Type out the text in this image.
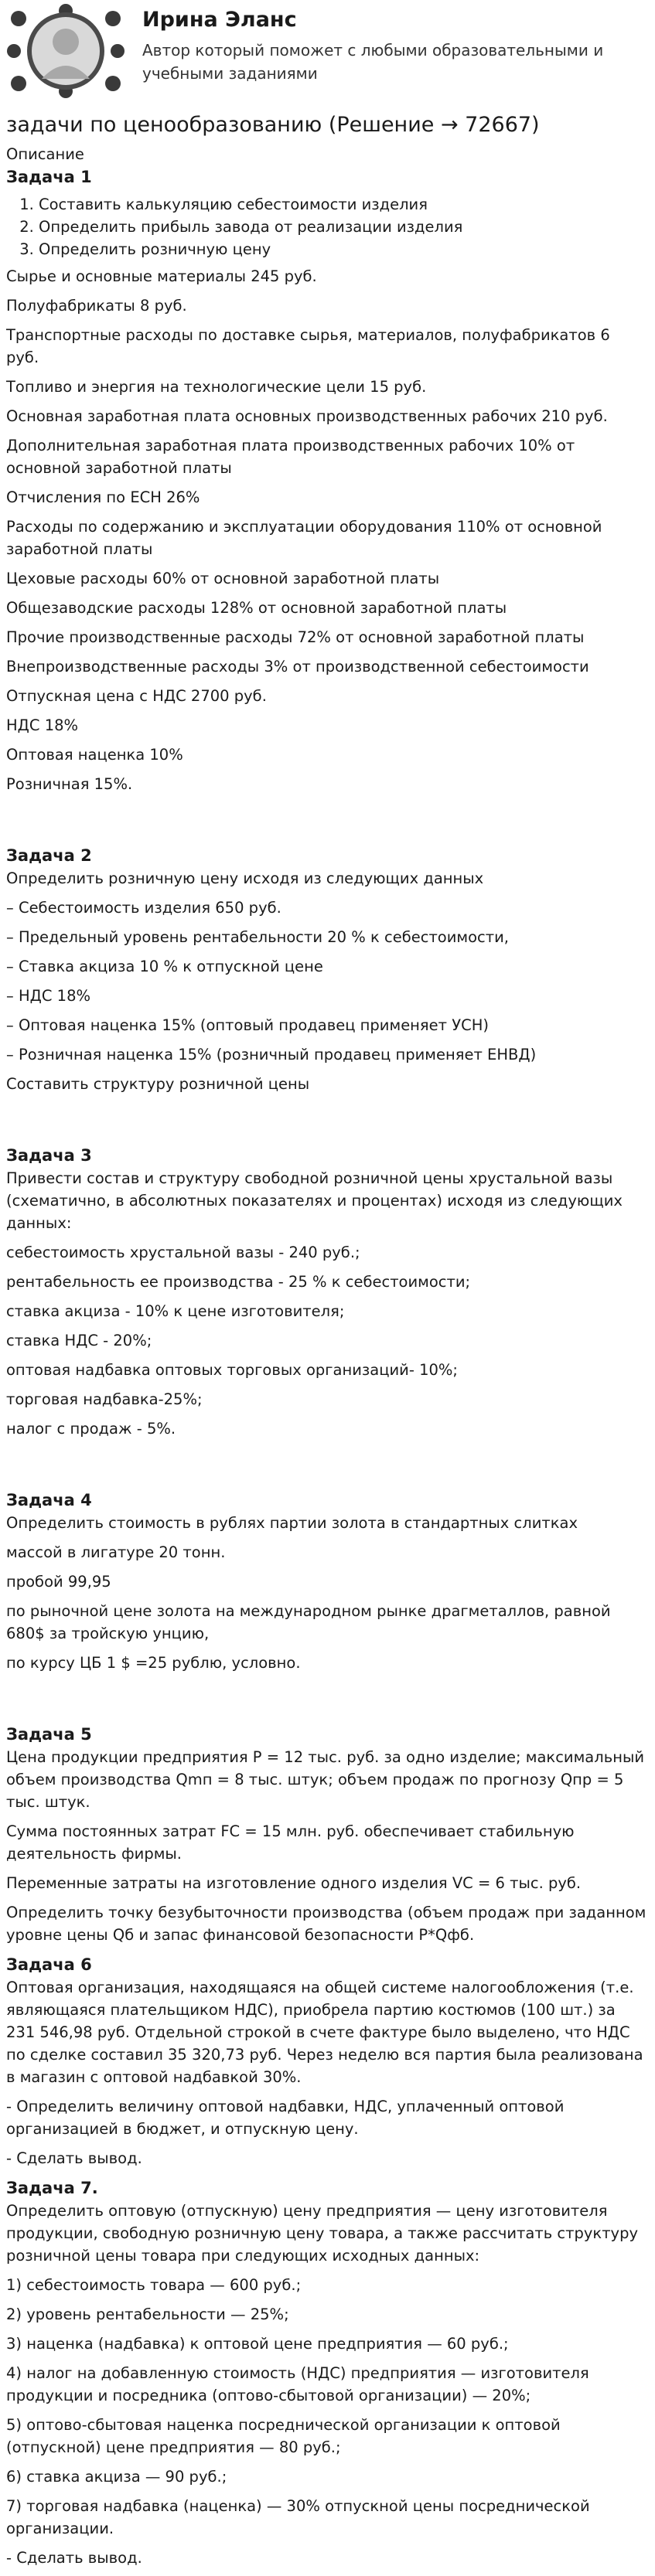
Ирина Эланс
Автор который поможет с любыми образовательными и учебными заданиями
задачи по ценообразованию (Решение → 72667)
Описание
Задача 1
1. Составить калькуляцию себестоимости изделия
2. Определить прибыль завода от реализации изделия
3. Определить розничную цену

Сырье и основные материалы 245 руб.

Полуфабрикаты 8 руб.

Транспортные расходы по доставке сырья, материалов, полуфабрикатов 6 руб.

Топливо и энергия на технологические цели 15 руб.

Основная заработная плата основных производственных рабочих 210 руб.

Дополнительная заработная плата производственных рабочих 10% от основной заработной платы

Отчисления по ЕСН 26%

Расходы по содержанию и эксплуатации оборудования 110% от основной заработной платы

Цеховые расходы 60% от основной заработной платы

Общезаводские расходы 128% от основной заработной платы

Прочие производственные расходы 72% от основной заработной платы

Внепроизводственные расходы 3% от производственной себестоимости

Отпускная цена с НДС 2700 руб.

НДС 18%

Оптовая наценка 10%

Розничная 15%.

Задача 2

Определить розничную цену исходя из следующих данных

– Себестоимость изделия 650 руб.

– Предельный уровень рентабельности 20 % к себестоимости,

– Ставка акциза 10 % к отпускной цене

– НДС 18%

– Оптовая наценка 15% (оптовый продавец применяет УСН)

– Розничная наценка 15% (розничный продавец применяет ЕНВД)

Составить структуру розничной цены

Задача 3

Привести состав и структуру свободной розничной цены хрустальной вазы (схематично, в абсолютных показателях и процентах) исходя из следующих данных:

себестоимость хрустальной вазы - 240 руб.;

рентабельность ее производства - 25 % к себестоимости;

ставка акциза - 10% к цене изготовителя;

ставка НДС - 20%;

оптовая надбавка оптовых торговых организаций- 10%;

торговая надбавка-25%;

налог с продаж - 5%.

Задача 4

Определить стоимость в рублях партии золота в стандартных слитках

массой в лигатуре 20 тонн.

пробой 99,95

по рыночной цене золота на международном рынке драгметаллов, равной 680$ за тройскую унцию,

по курсу ЦБ 1 $ =25 рублю, условно.

Задача 5

Цена продукции предприятия Р = 12 тыс. руб. за одно изделие; максимальный объем производства Qmп = 8 тыс. штук; объем продаж по прогнозу Qпр = 5 тыс. штук.

Сумма постоянных затрат FC = 15 млн. руб. обеспечивает стабильную деятельность фирмы.

Переменные затраты на изготовление одного изделия VC = 6 тыс. руб.

Определить точку безубыточности производства (объем продаж при заданном уровне цены Qб и запас финансовой безопасности Р*Qфб.

Задача 6

Оптовая организация, находящаяся на общей системе налогообложения (т.е. являющаяся плательщиком НДС), приобрела партию костюмов (100 шт.) за 231 546,98 руб. Отдельной строкой в счете фактуре было выделено, что НДС по сделке составил 35 320,73 руб. Через неделю вся партия была реализована в магазин с оптовой надбавкой 30%.

- Определить величину оптовой надбавки, НДС, уплаченный оптовой организацией в бюджет, и отпускную цену.

- Сделать вывод.

Задача 7.

Определить оптовую (отпускную) цену предприятия — цену изготовителя продукции, свободную розничную цену товара, а также рассчитать структуру розничной цены товара при следующих исходных данных:

1) себестоимость товара — 600 руб.;

2) уровень рентабельности — 25%;

3) наценка (надбавка) к оптовой цене предприятия — 60 руб.;

4) налог на добавленную стоимость (НДС) предприятия — изготовителя продукции и посредника (оптово-сбытовой организации) — 20%;

5) оптово-сбытовая наценка посреднической организации к оптовой (отпускной) цене предприятия — 80 руб.;

6) ставка акциза — 90 руб.;

7) торговая надбавка (наценка) — 30% отпускной цены посреднической организации.

- Сделать вывод.
